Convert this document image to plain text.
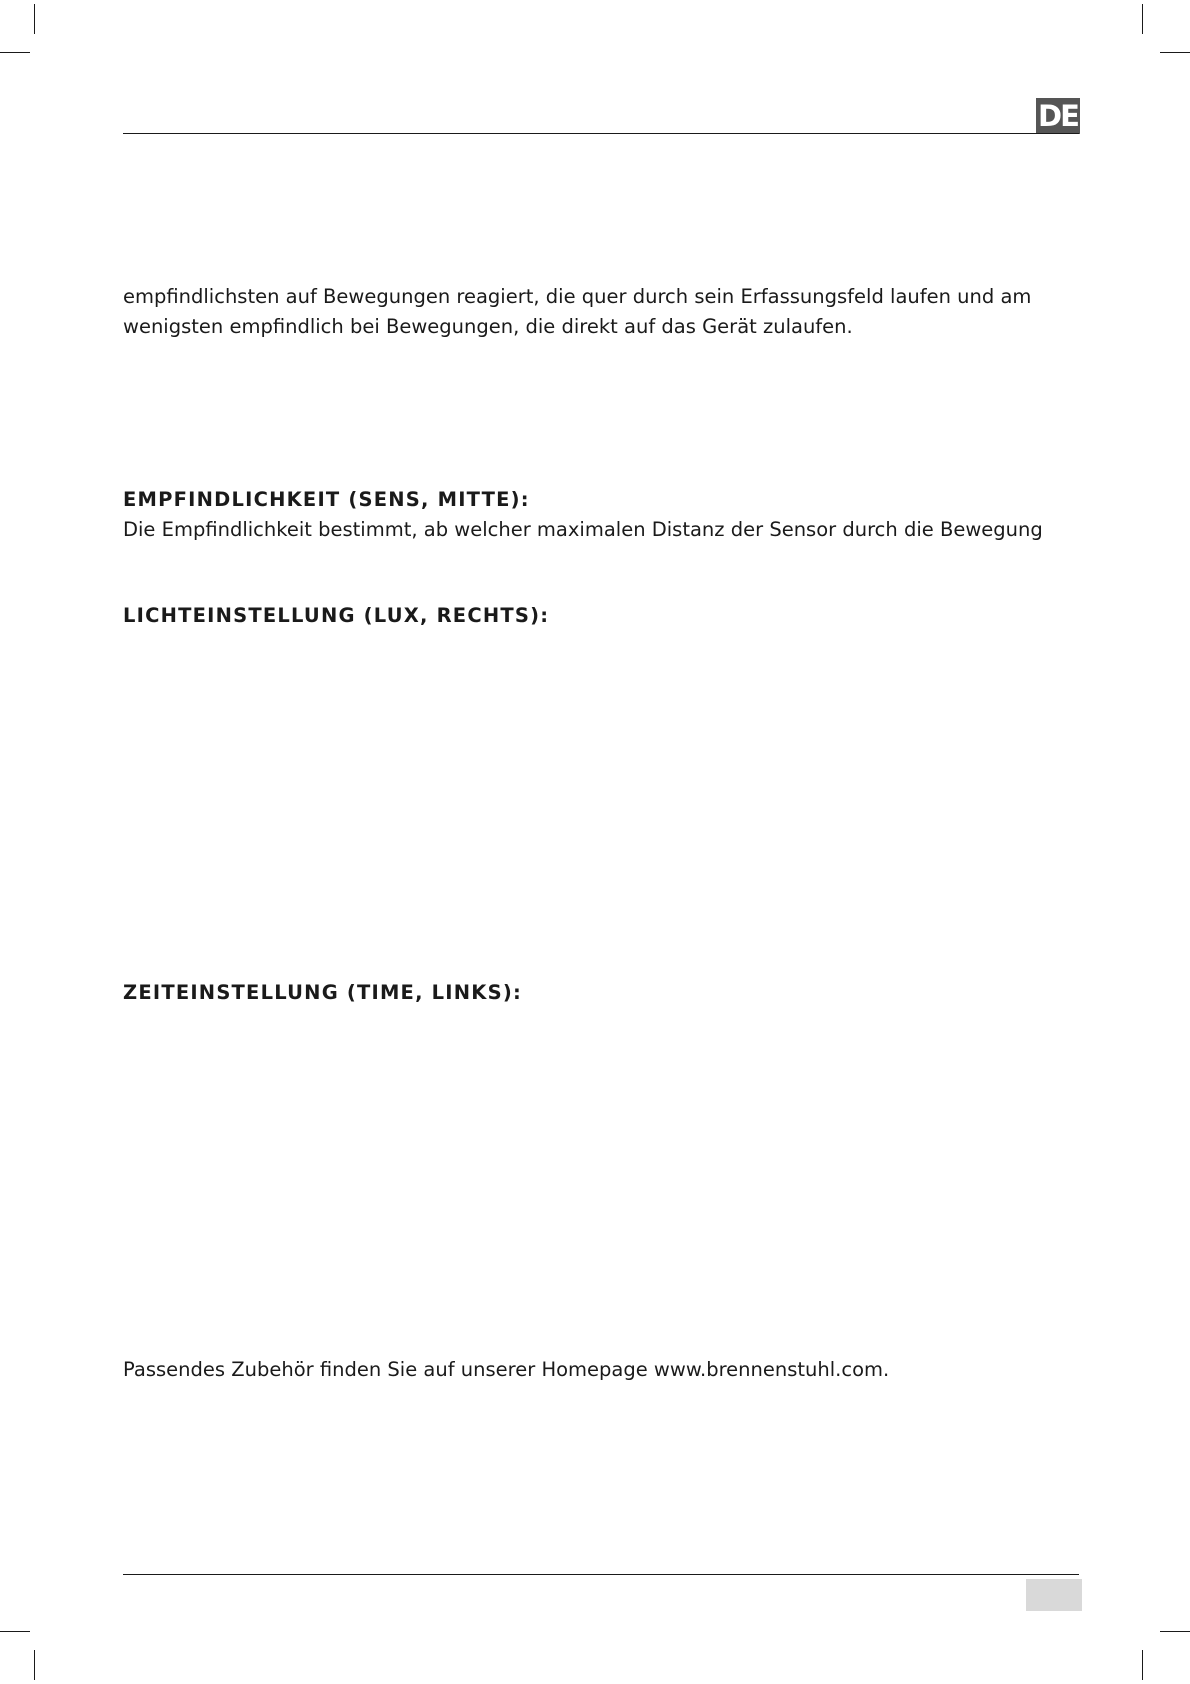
DE

empfindlichsten auf Bewegungen reagiert, die quer durch sein Erfassungsfeld laufen und am

wenigsten empfindlich bei Bewegungen, die direkt auf das Gerät zulaufen.

EMPFINDLICHKEIT (SENS, MITTE):

Die Empfindlichkeit bestimmt, ab welcher maximalen Distanz der Sensor durch die Bewegung

LICHTEINSTELLUNG (LUX, RECHTS):
ZEITEINSTELLUNG (TIME, LINKS):

Passendes Zubehör finden Sie auf unserer Homepage www.brennenstuhl.com.
